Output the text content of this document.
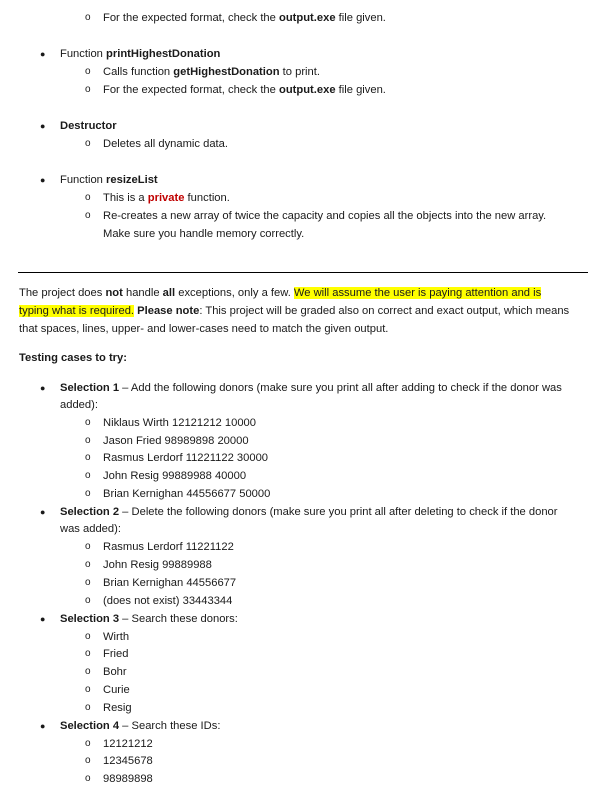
o For the expected format, check the output.exe file given.
● Function printHighestDonation
o Calls function getHighestDonation to print.
o For the expected format, check the output.exe file given.
● Destructor
o Deletes all dynamic data.
● Function resizeList
o This is a private function.
o Re-creates a new array of twice the capacity and copies all the objects into the new array.
Make sure you handle memory correctly.
The project does not handle all exceptions, only a few. We will assume the user is paying attention and is
typing what is required. Please note: This project will be graded also on correct and exact output, which means
that spaces, lines, upper- and lower-cases need to match the given output.
Testing cases to try:
● Selection 1 – Add the following donors (make sure you print all after adding to check if the donor was
added):
o Niklaus Wirth 12121212 10000
o Jason Fried 98989898 20000
o Rasmus Lerdorf 11221122 30000
o John Resig 99889988 40000
o Brian Kernighan 44556677 50000
● Selection 2 – Delete the following donors (make sure you print all after deleting to check if the donor
was added):
o Rasmus Lerdorf 11221122
o John Resig 99889988
o Brian Kernighan 44556677
o (does not exist) 33443344
● Selection 3 – Search these donors:
o Wirth
o Fried
o Bohr
o Curie
o Resig
● Selection 4 – Search these IDs:
o 12121212
o 12345678
o 98989898
